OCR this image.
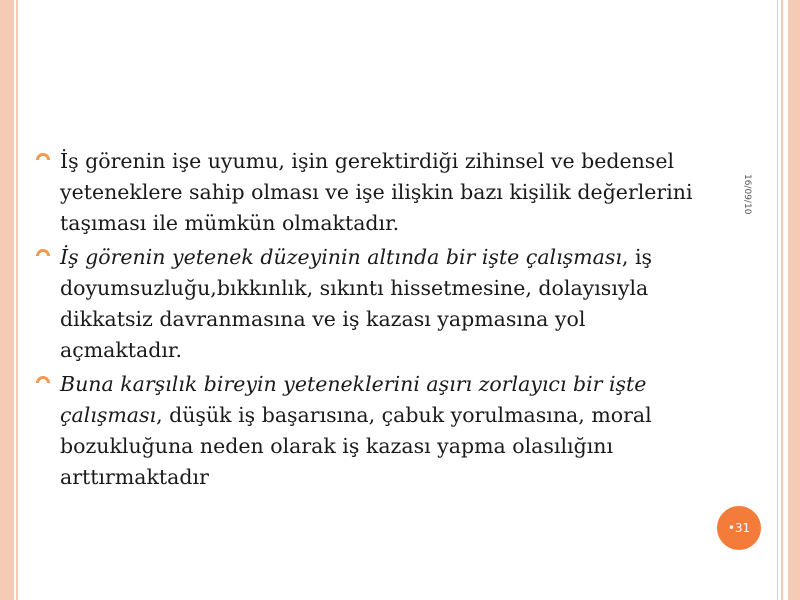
16/09/10
İş görenin işe uyumu, işin gerektirdiği zihinsel ve bedensel yeteneklere sahip olması ve işe ilişkin bazı kişilik değerlerini taşıması ile mümkün olmaktadır.
İş görenin yetenek düzeyinin altında bir işte çalışması, iş doyumsuzluğu,bıkkınlık, sıkıntı hissetmesine, dolayısıyla dikkatsiz davranmasına ve iş kazası yapmasına yol açmaktadır.
Buna karşılık bireyin yeteneklerini aşırı zorlayıcı bir işte çalışması, düşük iş başarısına, çabuk yorulmasına, moral bozukluğuna neden olarak iş kazası yapma olasılığını arttırmaktadır
•31
